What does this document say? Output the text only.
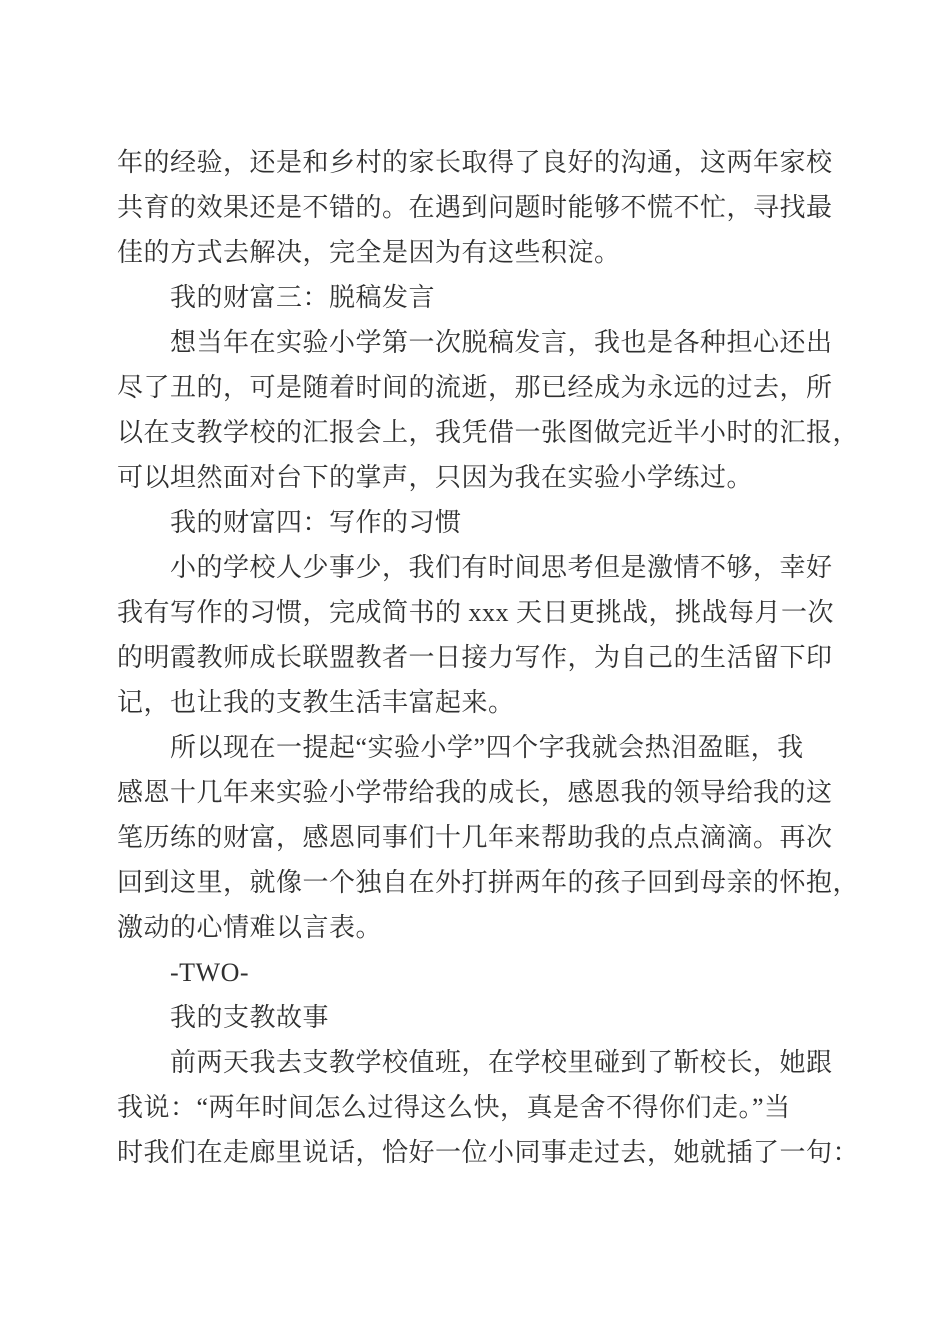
年的经验，还是和乡村的家长取得了良好的沟通，这两年家校
共育的效果还是不错的。在遇到问题时能够不慌不忙，寻找最
佳的方式去解决，完全是因为有这些积淀。
我的财富三：脱稿发言
想当年在实验小学第一次脱稿发言，我也是各种担心还出
尽了丑的，可是随着时间的流逝，那已经成为永远的过去，所
以在支教学校的汇报会上，我凭借一张图做完近半小时的汇报，
可以坦然面对台下的掌声，只因为我在实验小学练过。
我的财富四：写作的习惯
小的学校人少事少，我们有时间思考但是激情不够，幸好
我有写作的习惯，完成简书的 xxx 天日更挑战，挑战每月一次
的明霞教师成长联盟教者一日接力写作，为自己的生活留下印
记，也让我的支教生活丰富起来。
所以现在一提起“实验小学”四个字我就会热泪盈眶，我
感恩十几年来实验小学带给我的成长，感恩我的领导给我的这
笔历练的财富，感恩同事们十几年来帮助我的点点滴滴。再次
回到这里，就像一个独自在外打拼两年的孩子回到母亲的怀抱，
激动的心情难以言表。
-TWO-
我的支教故事
前两天我去支教学校值班，在学校里碰到了靳校长，她跟
我说：“两年时间怎么过得这么快，真是舍不得你们走。”当
时我们在走廊里说话，恰好一位小同事走过去，她就插了一句：
